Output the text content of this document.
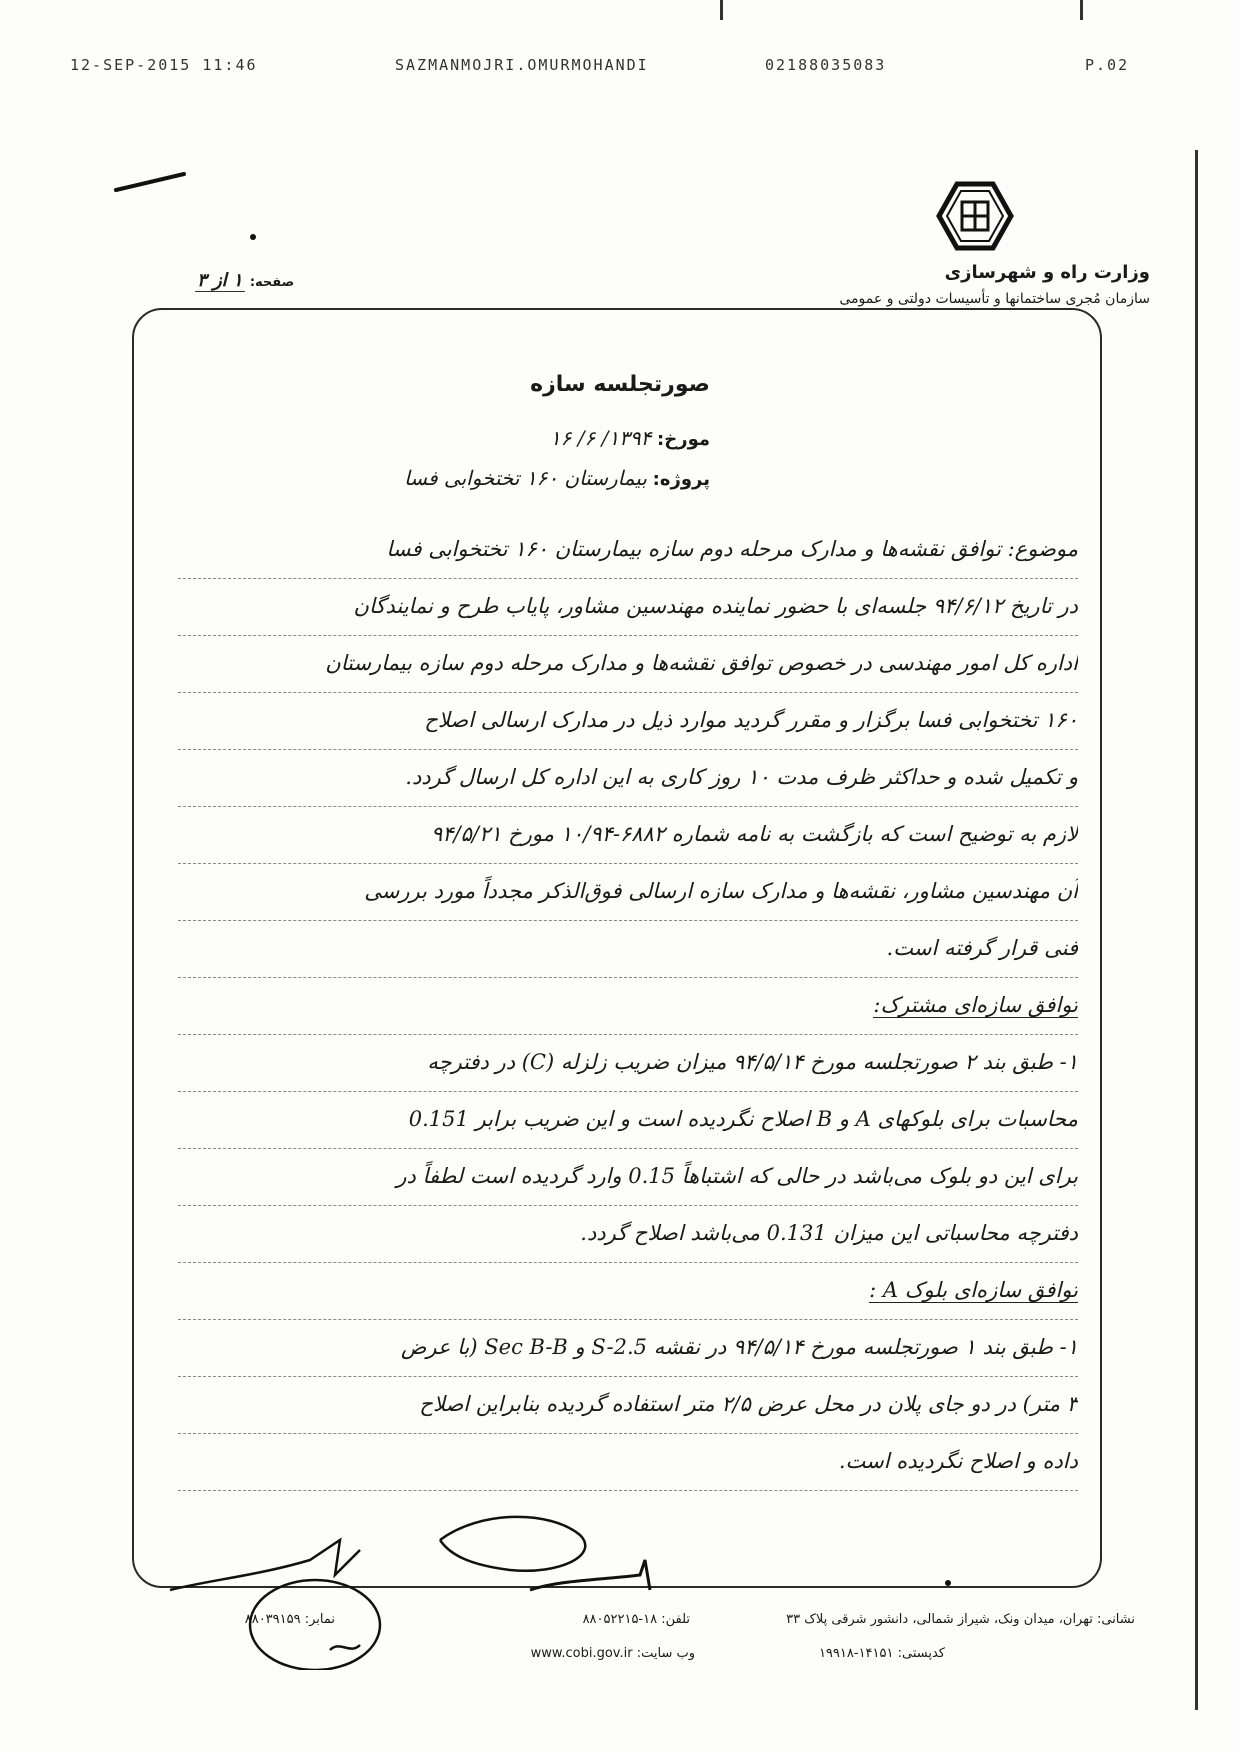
12-SEP-2015 11:46	SAZMANMOJRI.OMURMOHANDI	02188035083	P.02
وزارت راه و شهرسازی
سازمان مُجری ساختمانها و تأسیسات دولتی و عمومی
صفحه: ۱ از ۳
صورتجلسه سازه
مورخ: ۱۳۹۴/ ۶/ ۱۶
پروژه: بیمارستان ۱۶۰ تختخوابی فسا
موضوع: توافق نقشه‌ها و مدارک مرحله دوم سازه بیمارستان ۱۶۰ تختخوابی فسا
در تاریخ ۹۴/۶/۱۲ جلسه‌ای با حضور نماینده مهندسین مشاور، پایاب طرح و نمایندگان
اداره کل امور مهندسی در خصوص توافق نقشه‌ها و مدارک مرحله دوم سازه بیمارستان
۱۶۰ تختخوابی فسا برگزار و مقرر گردید موارد ذیل در مدارک ارسالی اصلاح
و تکمیل شده و حداکثر ظرف مدت ۱۰ روز کاری به این اداره کل ارسال گردد.
لازم به توضیح است که بازگشت به نامه شماره ۶۸۸۲-۱۰/۹۴ مورخ ۹۴/۵/۲۱
آن مهندسین مشاور، نقشه‌ها و مدارک سازه ارسالی فوق‌الذکر مجدداً مورد بررسی
فنی قرار گرفته است.
توافق سازه‌ای مشترک:
۱- طبق بند ۲ صورتجلسه مورخ ۹۴/۵/۱۴ میزان ضریب زلزله (C) در دفترچه
محاسبات برای بلوکهای A و B اصلاح نگردیده است و این ضریب برابر 0.151
برای این دو بلوک می‌باشد در حالی که اشتباهاً 0.15 وارد گردیده است لطفاً در
دفترچه محاسباتی این میزان 0.131 می‌باشد اصلاح گردد.
توافق سازه‌ای بلوک A :
۱- طبق بند ۱ صورتجلسه مورخ ۹۴/۵/۱۴ در نقشه S-2.5 و Sec B-B (با عرض
۳ متر) در دو جای پلان در محل عرض ۲/۵ متر استفاده گردیده بنابراین اصلاح
داده و اصلاح نگردیده است.
نشانی: تهران، میدان ونک، شیراز شمالی، دانشور شرقی پلاک ۳۳
تلفن: ۱۸-۸۸۰۵۲۲۱۵
نمابر: ۸۸۰۳۹۱۵۹
کدپستی: ۱۴۱۵۱-۱۹۹۱۸
وب سایت: www.cobi.gov.ir
